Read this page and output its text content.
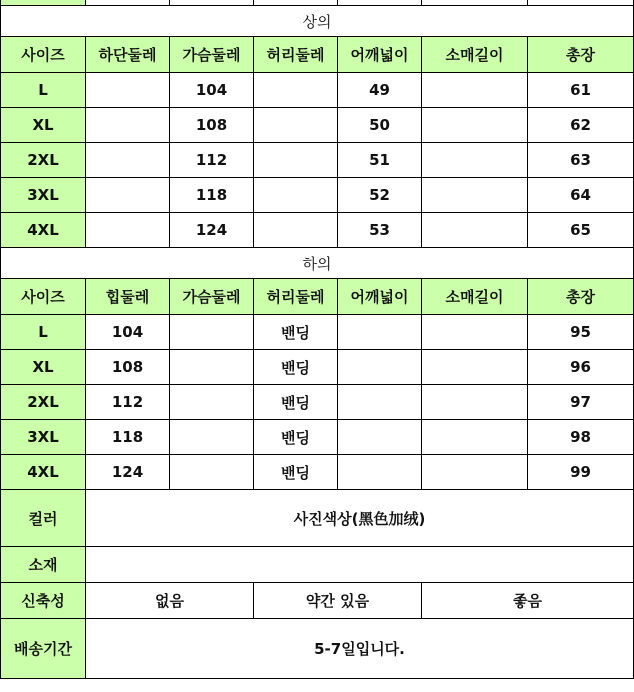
상의						
사이즈	하단둘레	가슴둘레	허리둘레	어깨넓이	소매길이	총장
L		104		49		61
XL		108		50		62
2XL		112		51		63
3XL		118		52		64
4XL		124		53		65
하의						
사이즈	힙둘레	가슴둘레	허리둘레	어깨넓이	소매길이	총장
L	104		밴딩			95
XL	108		밴딩			96
2XL	112		밴딩			97
3XL	118		밴딩			98
4XL	124		밴딩			99
컬러	사진색상(黑色加绒)					
소재						
신축성	없음		약간 있음		좋음	
배송기간	5-7일입니다.					
